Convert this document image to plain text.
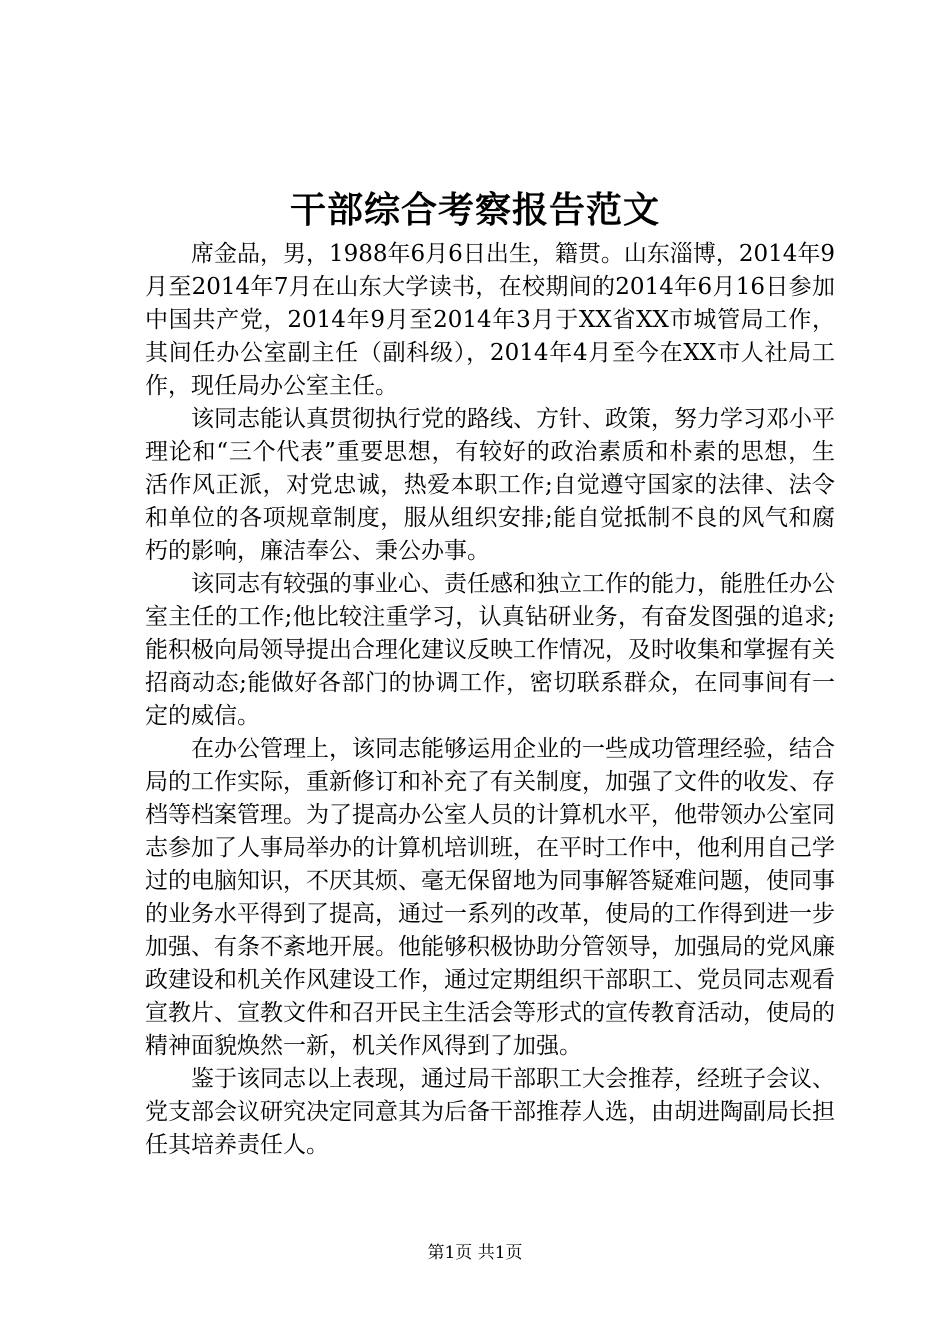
干部综合考察报告范文

席金品，男，1988年6月6日出生，籍贯。山东淄博，2014年9月至2014年7月在山东大学读书，在校期间的2014年6月16日参加中国共产党，2014年9月至2014年3月于XX省XX市城管局工作，其间任办公室副主任（副科级），2014年4月至今在XX市人社局工作，现任局办公室主任。

该同志能认真贯彻执行党的路线、方针、政策，努力学习邓小平理论和“三个代表”重要思想，有较好的政治素质和朴素的思想，生活作风正派，对党忠诚，热爱本职工作;自觉遵守国家的法律、法令和单位的各项规章制度，服从组织安排;能自觉抵制不良的风气和腐朽的影响，廉洁奉公、秉公办事。

该同志有较强的事业心、责任感和独立工作的能力，能胜任办公室主任的工作;他比较注重学习，认真钻研业务，有奋发图强的追求;能积极向局领导提出合理化建议反映工作情况，及时收集和掌握有关招商动态;能做好各部门的协调工作，密切联系群众，在同事间有一定的威信。

在办公管理上，该同志能够运用企业的一些成功管理经验，结合局的工作实际，重新修订和补充了有关制度，加强了文件的收发、存档等档案管理。为了提高办公室人员的计算机水平，他带领办公室同志参加了人事局举办的计算机培训班，在平时工作中，他利用自己学过的电脑知识，不厌其烦、毫无保留地为同事解答疑难问题，使同事的业务水平得到了提高，通过一系列的改革，使局的工作得到进一步加强、有条不紊地开展。他能够积极协助分管领导，加强局的党风廉政建设和机关作风建设工作，通过定期组织干部职工、党员同志观看宣教片、宣教文件和召开民主生活会等形式的宣传教育活动，使局的精神面貌焕然一新，机关作风得到了加强。

鉴于该同志以上表现，通过局干部职工大会推荐，经班子会议、党支部会议研究决定同意其为后备干部推荐人选，由胡进陶副局长担任其培养责任人。

第1页 共1页
